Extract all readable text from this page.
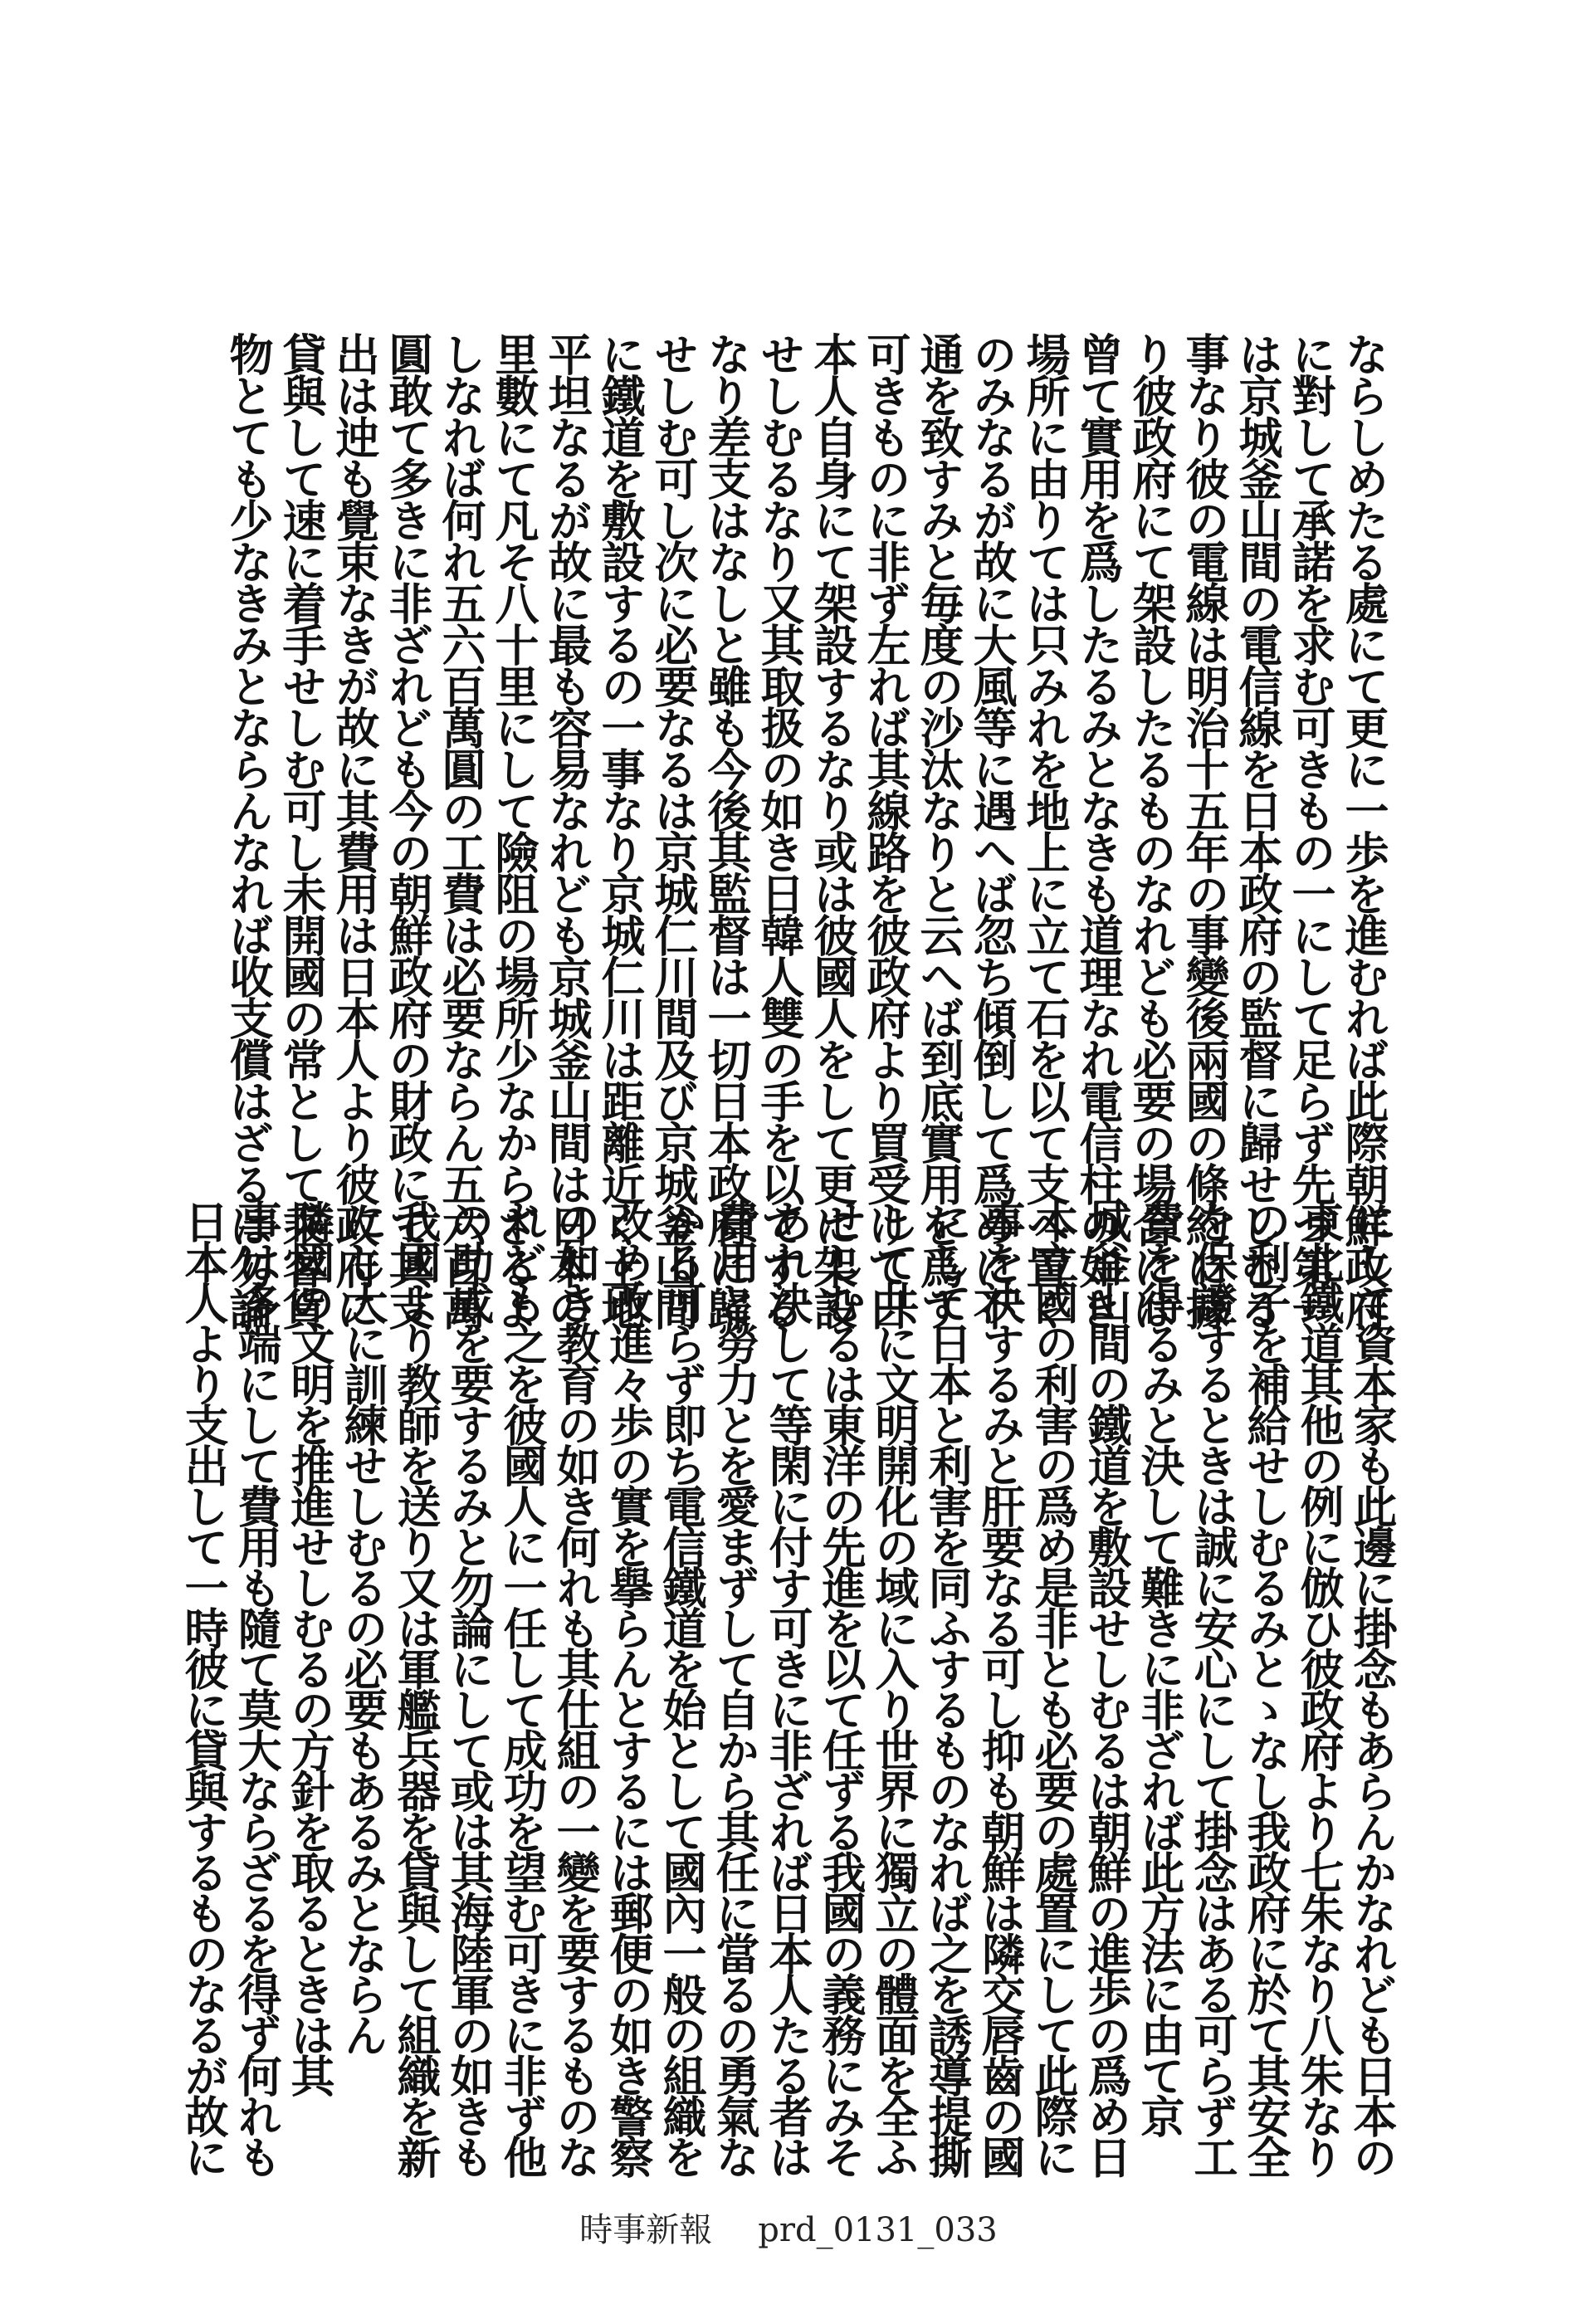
ならしめたる處にて更に一歩を進むれば此際朝鮮政府
に對して承諾を求む可きもの一にして足らず先づ第一
は京城釜山間の電信線を日本政府の監督に歸せしむる
事なり彼の電線は明治十五年の事變後兩國の條約に據
り彼政府にて架設したるものなれども必要の場合には
曾て實用を爲したるみとなきも道理なれ電信柱の如き
場所に由りては只みれを地上に立て石を以て支へ置く
のみなるが故に大風等に遇へば忽ち傾倒して爲めに不
通を致すみと毎度の沙汰なりと云へば到底實用を爲す
可きものに非ず左れば其線路を彼政府より買受けて日
本人自身にて架設するなり或は彼國人をして更に架設
せしむるなり又其取扱の如き日韓人雙の手を以てする
なり差支はなしと雖も今後其監督は一切日本政府に歸
せしむ可し次に必要なるは京城仁川間及び京城釜山間
に鐵道を敷設するの一事なり京城仁川は距離近く土地
平坦なるが故に最も容易なれども京城釜山間は日本の
里數にて凡そ八十里にして險阻の場所少なからざるよ
しなれば何れ五六百萬圓の工費は必要ならん五六百萬
圓敢て多きに非ざれども今の朝鮮政府の財政にて其支
出は迚も覺束なきが故に其費用は日本人より彼政府に
貸與して速に着手せしむ可し未開國の常として乘客貨
物とても少なきみとならんなれば收支償はざるは勿論
にして資本家も此邊に掛念もあらんかなれども日本の
東北鐵道其他の例に倣ひ彼政府より七朱なり八朱なり
の利子を補給せしむるみとゝなし我政府に於て其安全
を保證するときは誠に安心にして掛念はある可らず工
費を得るみと決して難きに非ざれば此方法に由て京
城釜山間の鐵道を敷設せしむるは朝鮮の進歩の爲め日
本立國の利害の爲め是非とも必要の處置にして此際に
事を決するみと肝要なる可し抑も朝鮮は隣交唇齒の國
にして日本と利害を同ふするものなれば之を誘導提撕
して共に文明開化の域に入り世界に獨立の體面を全ふ
せしむるは東洋の先進を以て任ずる我國の義務にみそ
あれ決して等閑に付す可きに非ざれば日本人たる者は
費用と勞力とを愛まずして自から其任に當るの勇氣な
かる可らず即ち電信鐵道を始として國內一般の組織を
改め改進々歩の實を擧らんとするには郵便の如き警察
の如き教育の如き何れも其仕組の一變を要するものな
れども之を彼國人に一任して成功を望む可きに非ず他
の助成を要するみと勿論にして或は其海陸軍の如きも
我國より教師を送り又は軍艦兵器を貸與して組織を新
にし大に訓練せしむるの必要もあるみとならん
隣國の文明を推進せしむるの方針を取るときは其
事は多端にして費用も隨て莫大ならざるを得ず何れも
日本人より支出して一時彼に貸與するものなるが故に
時事新報 prd_0131_033
